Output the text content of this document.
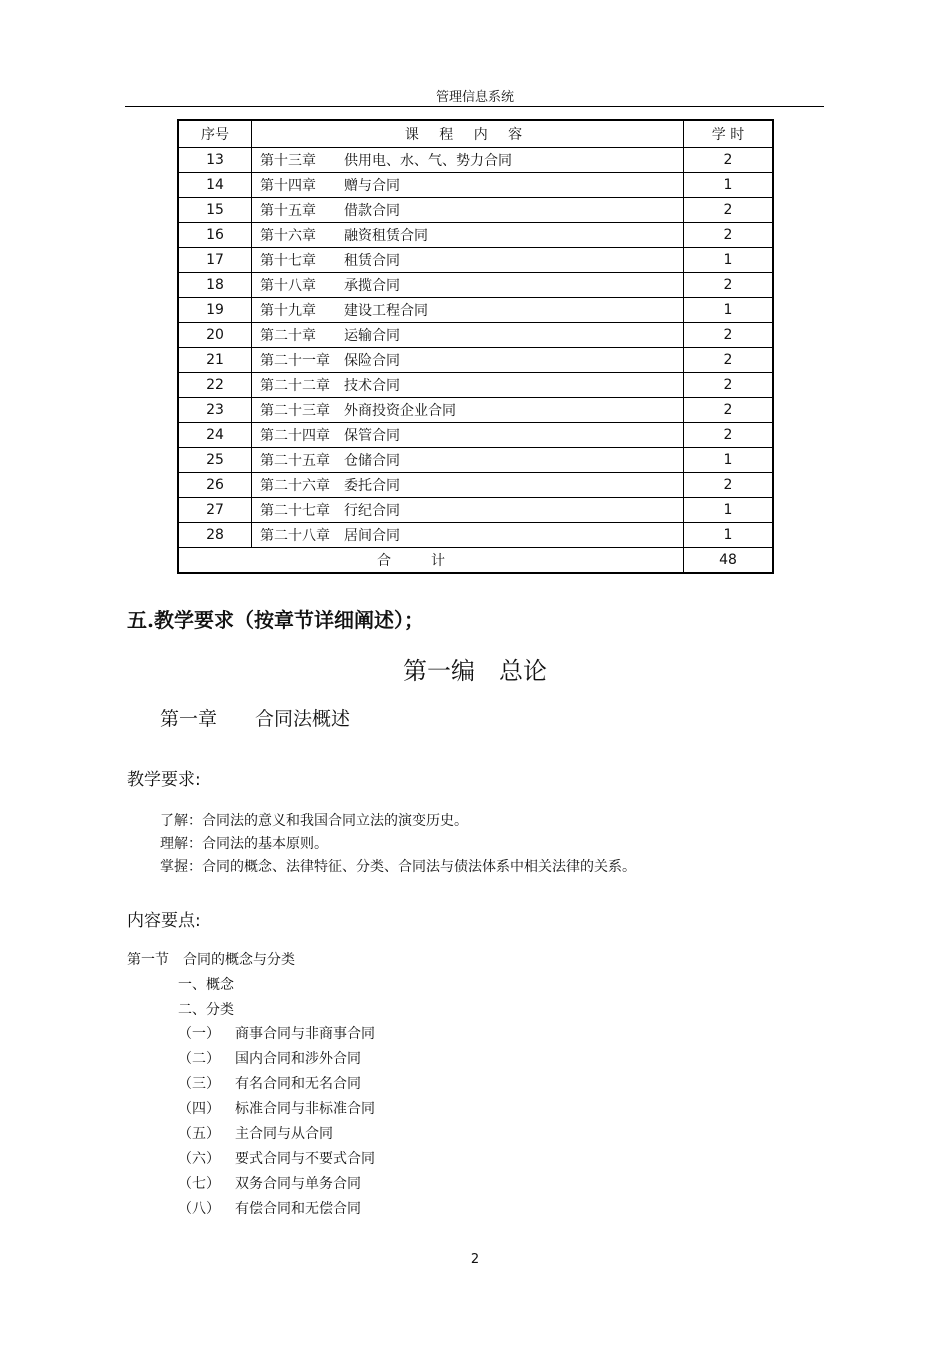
管理信息系统
序号	课 程 内 容	学 时
13	第十三章 供用电、水、气、势力合同	2
14	第十四章 赠与合同	1
15	第十五章 借款合同	2
16	第十六章 融资租赁合同	2
17	第十七章 租赁合同	1
18	第十八章 承揽合同	2
19	第十九章 建设工程合同	1
20	第二十章 运输合同	2
21	第二十一章 保险合同	2
22	第二十二章 技术合同	2
23	第二十三章 外商投资企业合同	2
24	第二十四章 保管合同	2
25	第二十五章 仓储合同	1
26	第二十六章 委托合同	2
27	第二十七章 行纪合同	1
28	第二十八章 居间合同	1
合计		48
五.教学要求（按章节详细阐述）；
第一编　总论
第一章 合同法概述
教学要求:
了解：合同法的意义和我国合同立法的演变历史。
理解：合同法的基本原则。
掌握：合同的概念、法律特征、分类、合同法与债法体系中相关法律的关系。
内容要点:
第一节 合同的概念与分类
一、概念
二、分类
（一） 商事合同与非商事合同
（二） 国内合同和涉外合同
（三） 有名合同和无名合同
（四） 标准合同与非标准合同
（五） 主合同与从合同
（六） 要式合同与不要式合同
（七） 双务合同与单务合同
（八） 有偿合同和无偿合同
2
